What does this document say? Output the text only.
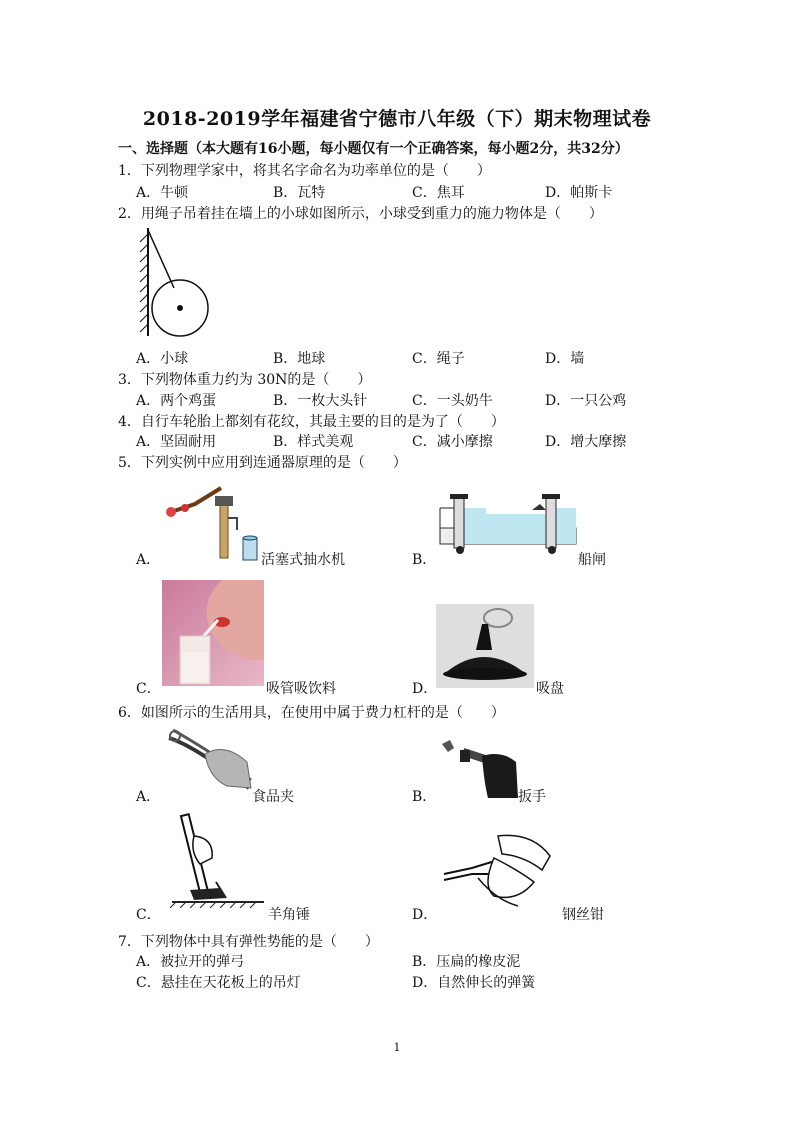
2018-2019学年福建省宁德市八年级（下）期末物理试卷
一、选择题（本大题有16小题，每小题仅有一个正确答案，每小题2分，共32分）
1．下列物理学家中，将其名字命名为功率单位的是（　　）
A．牛顿	B．瓦特	C．焦耳	D．帕斯卡
2．用绳子吊着挂在墙上的小球如图所示，小球受到重力的施力物体是（　　）
A．小球	B．地球	C．绳子	D．墙
3．下列物体重力约为 30N的是（　　）
A．两个鸡蛋	B．一枚大头针	C．一头奶牛	D．一只公鸡
4．自行车轮胎上都刻有花纹，其最主要的目的是为了（　　）
A．坚固耐用	B．样式美观	C．减小摩擦	D．增大摩擦
5．下列实例中应用到连通器原理的是（　　）
A．	活塞式抽水机	B．	船闸
C．	吸管吸饮料	D．	吸盘
6．如图所示的生活用具，在使用中属于费力杠杆的是（　　）
A．	食品夹	B．	扳手
C．	羊角锤	D．	钢丝钳
7．下列物体中具有弹性势能的是（　　）
A．被拉开的弹弓	B．压扁的橡皮泥
C．悬挂在天花板上的吊灯	D．自然伸长的弹簧
1
